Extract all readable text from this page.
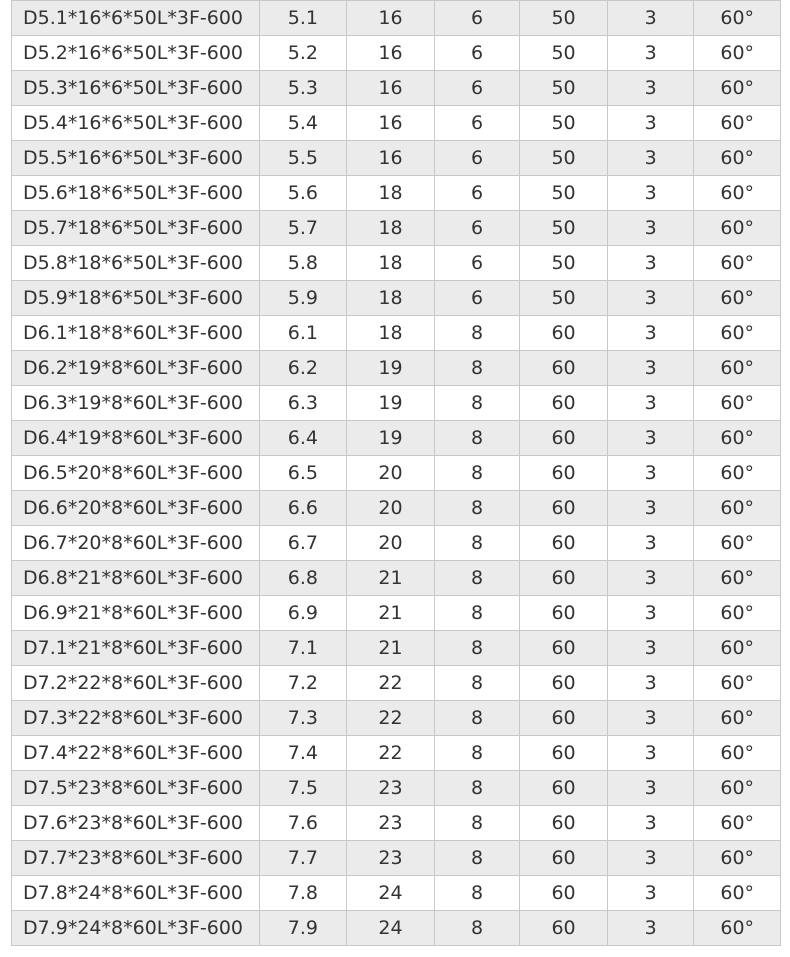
D5.1*16*6*50L*3F-600	5.1	16	6	50	3	60°
D5.2*16*6*50L*3F-600	5.2	16	6	50	3	60°
D5.3*16*6*50L*3F-600	5.3	16	6	50	3	60°
D5.4*16*6*50L*3F-600	5.4	16	6	50	3	60°
D5.5*16*6*50L*3F-600	5.5	16	6	50	3	60°
D5.6*18*6*50L*3F-600	5.6	18	6	50	3	60°
D5.7*18*6*50L*3F-600	5.7	18	6	50	3	60°
D5.8*18*6*50L*3F-600	5.8	18	6	50	3	60°
D5.9*18*6*50L*3F-600	5.9	18	6	50	3	60°
D6.1*18*8*60L*3F-600	6.1	18	8	60	3	60°
D6.2*19*8*60L*3F-600	6.2	19	8	60	3	60°
D6.3*19*8*60L*3F-600	6.3	19	8	60	3	60°
D6.4*19*8*60L*3F-600	6.4	19	8	60	3	60°
D6.5*20*8*60L*3F-600	6.5	20	8	60	3	60°
D6.6*20*8*60L*3F-600	6.6	20	8	60	3	60°
D6.7*20*8*60L*3F-600	6.7	20	8	60	3	60°
D6.8*21*8*60L*3F-600	6.8	21	8	60	3	60°
D6.9*21*8*60L*3F-600	6.9	21	8	60	3	60°
D7.1*21*8*60L*3F-600	7.1	21	8	60	3	60°
D7.2*22*8*60L*3F-600	7.2	22	8	60	3	60°
D7.3*22*8*60L*3F-600	7.3	22	8	60	3	60°
D7.4*22*8*60L*3F-600	7.4	22	8	60	3	60°
D7.5*23*8*60L*3F-600	7.5	23	8	60	3	60°
D7.6*23*8*60L*3F-600	7.6	23	8	60	3	60°
D7.7*23*8*60L*3F-600	7.7	23	8	60	3	60°
D7.8*24*8*60L*3F-600	7.8	24	8	60	3	60°
D7.9*24*8*60L*3F-600	7.9	24	8	60	3	60°
